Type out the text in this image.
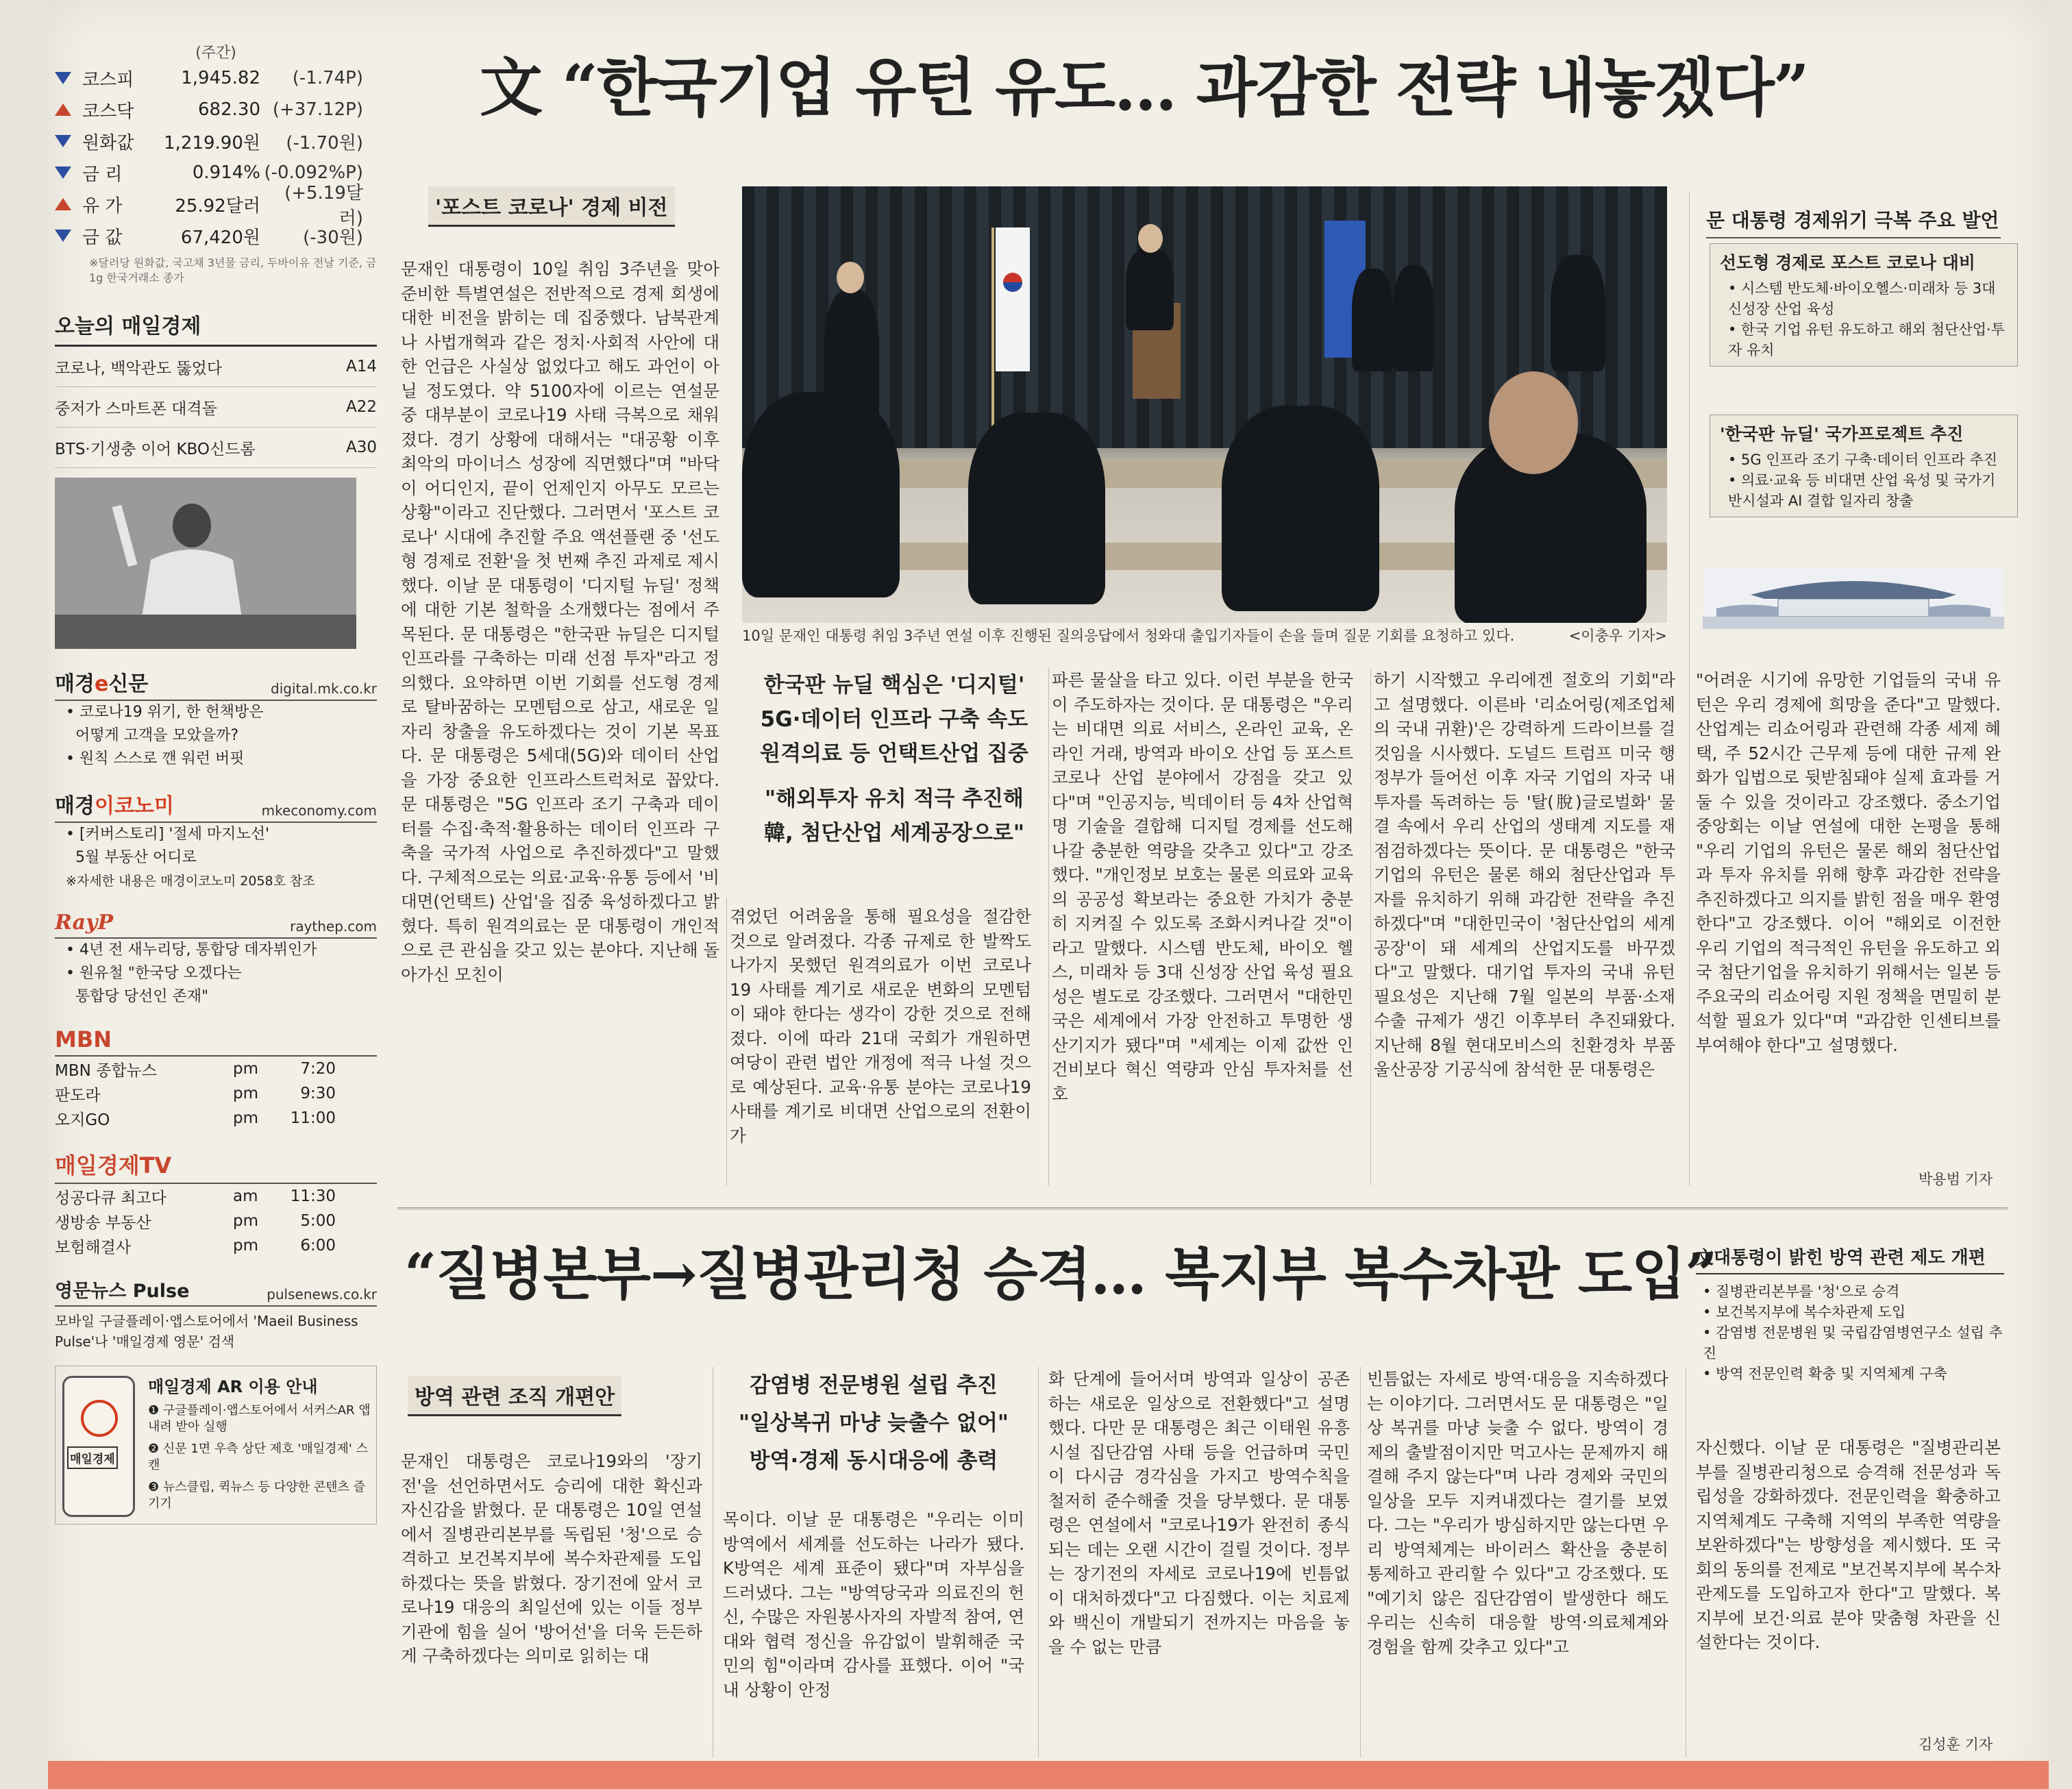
(주간)
코스피	1,945.82	(-1.74P)
코스닥	682.30 (+37.12P)
원화값	1,219.90원	(-1.70원)
금 리	0.914% (-0.092%P)
유 가	25.92달러
(+5.19달러)
금 값	67,420원	(-30원)
※달러당 원화값, 국고채 3년물 금리, 두바이유 전날 기준, 금1g 한국거래소 종가
오늘의 매일경제
코로나, 백악관도 뚫었다	A14
중저가 스마트폰 대격돌	A22
BTS·기생충 이어 KBO신드롬	A30
매경e신문	digital.mk.co.kr
• 코로나19 위기, 한 헌책방은
어떻게 고객을 모았을까?
• 원칙 스스로 깬 워런 버핏
매경이코노미	mkeconomy.com
• [커버스토리] '절세 마지노선'
5월 부동산 어디로
※자세한 내용은 매경이코노미 2058호 참조
RayP	raythep.com
• 4년 전 새누리당, 통합당 데자뷔인가
• 원유철 "한국당 오겠다는
통합당 당선인 존재"
MBN
MBN 종합뉴스	pm	7:20
판도라	pm	9:30
오지GO	pm	11:00
매일경제TV
성공다큐 최고다	am	11:30
생방송 부동산	pm	5:00
보험해결사	pm	6:00
영문뉴스 Pulse	pulsenews.co.kr
모바일 구글플레이·앱스토어에서 'Maeil Business Pulse'나 '매일경제 영문' 검색
매일경제
매일경제 AR 이용 안내
❶ 구글플레이·앱스토어에서 서커스AR 앱 내려 받아 실행
❷ 신문 1면 우측 상단 제호 '매일경제' 스캔
❸ 뉴스클립, 퀵뉴스 등 다양한 콘텐츠 즐기기
文 “한국기업 유턴 유도… 과감한 전략 내놓겠다”
'포스트 코로나' 경제 비전
문재인 대통령이 10일 취임 3주년을 맞아 준비한 특별연설은 전반적으로 경제 회생에 대한 비전을 밝히는 데 집중했다. 남북관계나 사법개혁과 같은 정치·사회적 사안에 대한 언급은 사실상 없었다고 해도 과언이 아닐 정도였다. 약 5100자에 이르는 연설문 중 대부분이 코로나19 사태 극복으로 채워졌다. 경기 상황에 대해서는 "대공황 이후 최악의 마이너스 성장에 직면했다"며 "바닥이 어디인지, 끝이 언제인지 아무도 모르는 상황"이라고 진단했다. 그러면서 '포스트 코로나' 시대에 추진할 주요 액션플랜 중 '선도형 경제로 전환'을 첫 번째 추진 과제로 제시했다. 이날 문 대통령이 '디지털 뉴딜' 정책에 대한 기본 철학을 소개했다는 점에서 주목된다. 문 대통령은 "한국판 뉴딜은 디지털 인프라를 구축하는 미래 선점 투자"라고 정의했다. 요약하면 이번 기회를 선도형 경제로 탈바꿈하는 모멘텀으로 삼고, 새로운 일자리 창출을 유도하겠다는 것이 기본 목표다. 문 대통령은 5세대(5G)와 데이터 산업을 가장 중요한 인프라스트럭처로 꼽았다. 문 대통령은 "5G 인프라 조기 구축과 데이터를 수집·축적·활용하는 데이터 인프라 구축을 국가적 사업으로 추진하겠다"고 말했다. 구체적으로는 의료·교육·유통 등에서 '비대면(언택트) 산업'을 집중 육성하겠다고 밝혔다. 특히 원격의료는 문 대통령이 개인적으로 큰 관심을 갖고 있는 분야다. 지난해 돌아가신 모친이
10일 문재인 대통령 취임 3주년 연설 이후 진행된 질의응답에서 청와대 출입기자들이 손을 들며 질문 기회를 요청하고 있다.	<이충우 기자>
한국판 뉴딜 핵심은 '디지털'
5G·데이터 인프라 구축 속도
원격의료 등 언택트산업 집중
"해외투자 유치 적극 추진해
韓, 첨단산업 세계공장으로"
겪었던 어려움을 통해 필요성을 절감한 것으로 알려졌다. 각종 규제로 한 발짝도 나가지 못했던 원격의료가 이번 코로나19 사태를 계기로 새로운 변화의 모멘텀이 돼야 한다는 생각이 강한 것으로 전해졌다. 이에 따라 21대 국회가 개원하면 여당이 관련 법안 개정에 적극 나설 것으로 예상된다. 교육·유통 분야는 코로나19 사태를 계기로 비대면 산업으로의 전환이 가
파른 물살을 타고 있다. 이런 부분을 한국이 주도하자는 것이다. 문 대통령은 "우리는 비대면 의료 서비스, 온라인 교육, 온라인 거래, 방역과 바이오 산업 등 포스트 코로나 산업 분야에서 강점을 갖고 있다"며 "인공지능, 빅데이터 등 4차 산업혁명 기술을 결합해 디지털 경제를 선도해나갈 충분한 역량을 갖추고 있다"고 강조했다. "개인정보 보호는 물론 의료와 교육의 공공성 확보라는 중요한 가치가 충분히 지켜질 수 있도록 조화시켜나갈 것"이라고 말했다. 시스템 반도체, 바이오 헬스, 미래차 등 3대 신성장 산업 육성 필요성은 별도로 강조했다. 그러면서 "대한민국은 세계에서 가장 안전하고 투명한 생산기지가 됐다"며 "세계는 이제 값싼 인건비보다 혁신 역량과 안심 투자처를 선호
하기 시작했고 우리에겐 절호의 기회"라고 설명했다. 이른바 '리쇼어링(제조업체의 국내 귀환)'은 강력하게 드라이브를 걸 것임을 시사했다. 도널드 트럼프 미국 행정부가 들어선 이후 자국 기업의 자국 내 투자를 독려하는 등 '탈(脫)글로벌화' 물결 속에서 우리 산업의 생태계 지도를 재점검하겠다는 뜻이다. 문 대통령은 "한국 기업의 유턴은 물론 해외 첨단산업과 투자를 유치하기 위해 과감한 전략을 추진하겠다"며 "대한민국이 '첨단산업의 세계공장'이 돼 세계의 산업지도를 바꾸겠다"고 말했다. 대기업 투자의 국내 유턴 필요성은 지난해 7월 일본의 부품·소재 수출 규제가 생긴 이후부터 추진돼왔다. 지난해 8월 현대모비스의 친환경차 부품 울산공장 기공식에 참석한 문 대통령은
"어려운 시기에 유망한 기업들의 국내 유턴은 우리 경제에 희망을 준다"고 말했다. 산업계는 리쇼어링과 관련해 각종 세제 혜택, 주 52시간 근무제 등에 대한 규제 완화가 입법으로 뒷받침돼야 실제 효과를 거둘 수 있을 것이라고 강조했다. 중소기업중앙회는 이날 연설에 대한 논평을 통해 "우리 기업의 유턴은 물론 해외 첨단산업과 투자 유치를 위해 향후 과감한 전략을 추진하겠다고 의지를 밝힌 점을 매우 환영한다"고 강조했다. 이어 "해외로 이전한 우리 기업의 적극적인 유턴을 유도하고 외국 첨단기업을 유치하기 위해서는 일본 등 주요국의 리쇼어링 지원 정책을 면밀히 분석할 필요가 있다"며 "과감한 인센티브를 부여해야 한다"고 설명했다.
박용범 기자
문 대통령 경제위기 극복 주요 발언
선도형 경제로 포스트 코로나 대비
• 시스템 반도체·바이오헬스·미래차 등 3대 신성장 산업 육성
• 한국 기업 유턴 유도하고 해외 첨단산업·투자 유치
'한국판 뉴딜' 국가프로젝트 추진
• 5G 인프라 조기 구축·데이터 인프라 추진
• 의료·교육 등 비대면 산업 육성 및 국가기반시설과 AI 결합 일자리 창출
“질병본부→질병관리청 승격… 복지부 복수차관 도입”
방역 관련 조직 개편안
문재인 대통령은 코로나19와의 '장기전'을 선언하면서도 승리에 대한 확신과 자신감을 밝혔다. 문 대통령은 10일 연설에서 질병관리본부를 독립된 '청'으로 승격하고 보건복지부에 복수차관제를 도입하겠다는 뜻을 밝혔다. 장기전에 앞서 코로나19 대응의 최일선에 있는 이들 정부기관에 힘을 실어 '방어선'을 더욱 든든하게 구축하겠다는 의미로 읽히는 대
감염병 전문병원 설립 추진
"일상복귀 마냥 늦출수 없어"
방역·경제 동시대응에 총력
목이다. 이날 문 대통령은 "우리는 이미 방역에서 세계를 선도하는 나라가 됐다. K방역은 세계 표준이 됐다"며 자부심을 드러냈다. 그는 "방역당국과 의료진의 헌신, 수많은 자원봉사자의 자발적 참여, 연대와 협력 정신을 유감없이 발휘해준 국민의 힘"이라며 감사를 표했다. 이어 "국내 상황이 안정
화 단계에 들어서며 방역과 일상이 공존하는 새로운 일상으로 전환했다"고 설명했다. 다만 문 대통령은 최근 이태원 유흥시설 집단감염 사태 등을 언급하며 국민이 다시금 경각심을 가지고 방역수칙을 철저히 준수해줄 것을 당부했다. 문 대통령은 연설에서 "코로나19가 완전히 종식되는 데는 오랜 시간이 걸릴 것이다. 정부는 장기전의 자세로 코로나19에 빈틈없이 대처하겠다"고 다짐했다. 이는 치료제와 백신이 개발되기 전까지는 마음을 놓을 수 없는 만큼
빈틈없는 자세로 방역·대응을 지속하겠다는 이야기다. 그러면서도 문 대통령은 "일상 복귀를 마냥 늦출 수 없다. 방역이 경제의 출발점이지만 먹고사는 문제까지 해결해 주지 않는다"며 나라 경제와 국민의 일상을 모두 지켜내겠다는 결기를 보였다. 그는 "우리가 방심하지만 않는다면 우리 방역체계는 바이러스 확산을 충분히 통제하고 관리할 수 있다"고 강조했다. 또 "예기치 않은 집단감염이 발생한다 해도 우리는 신속히 대응할 방역·의료체계와 경험을 함께 갖추고 있다"고
자신했다. 이날 문 대통령은 "질병관리본부를 질병관리청으로 승격해 전문성과 독립성을 강화하겠다. 전문인력을 확충하고 지역체계도 구축해 지역의 부족한 역량을 보완하겠다"는 방향성을 제시했다. 또 국회의 동의를 전제로 "보건복지부에 복수차관제도를 도입하고자 한다"고 말했다. 복지부에 보건·의료 분야 맞춤형 차관을 신설한다는 것이다.
김성훈 기자
文대통령이 밝힌 방역 관련 제도 개편
• 질병관리본부를 '청'으로 승격
• 보건복지부에 복수차관제 도입
• 감염병 전문병원 및 국립감염병연구소 설립 추진
• 방역 전문인력 확충 및 지역체계 구축
